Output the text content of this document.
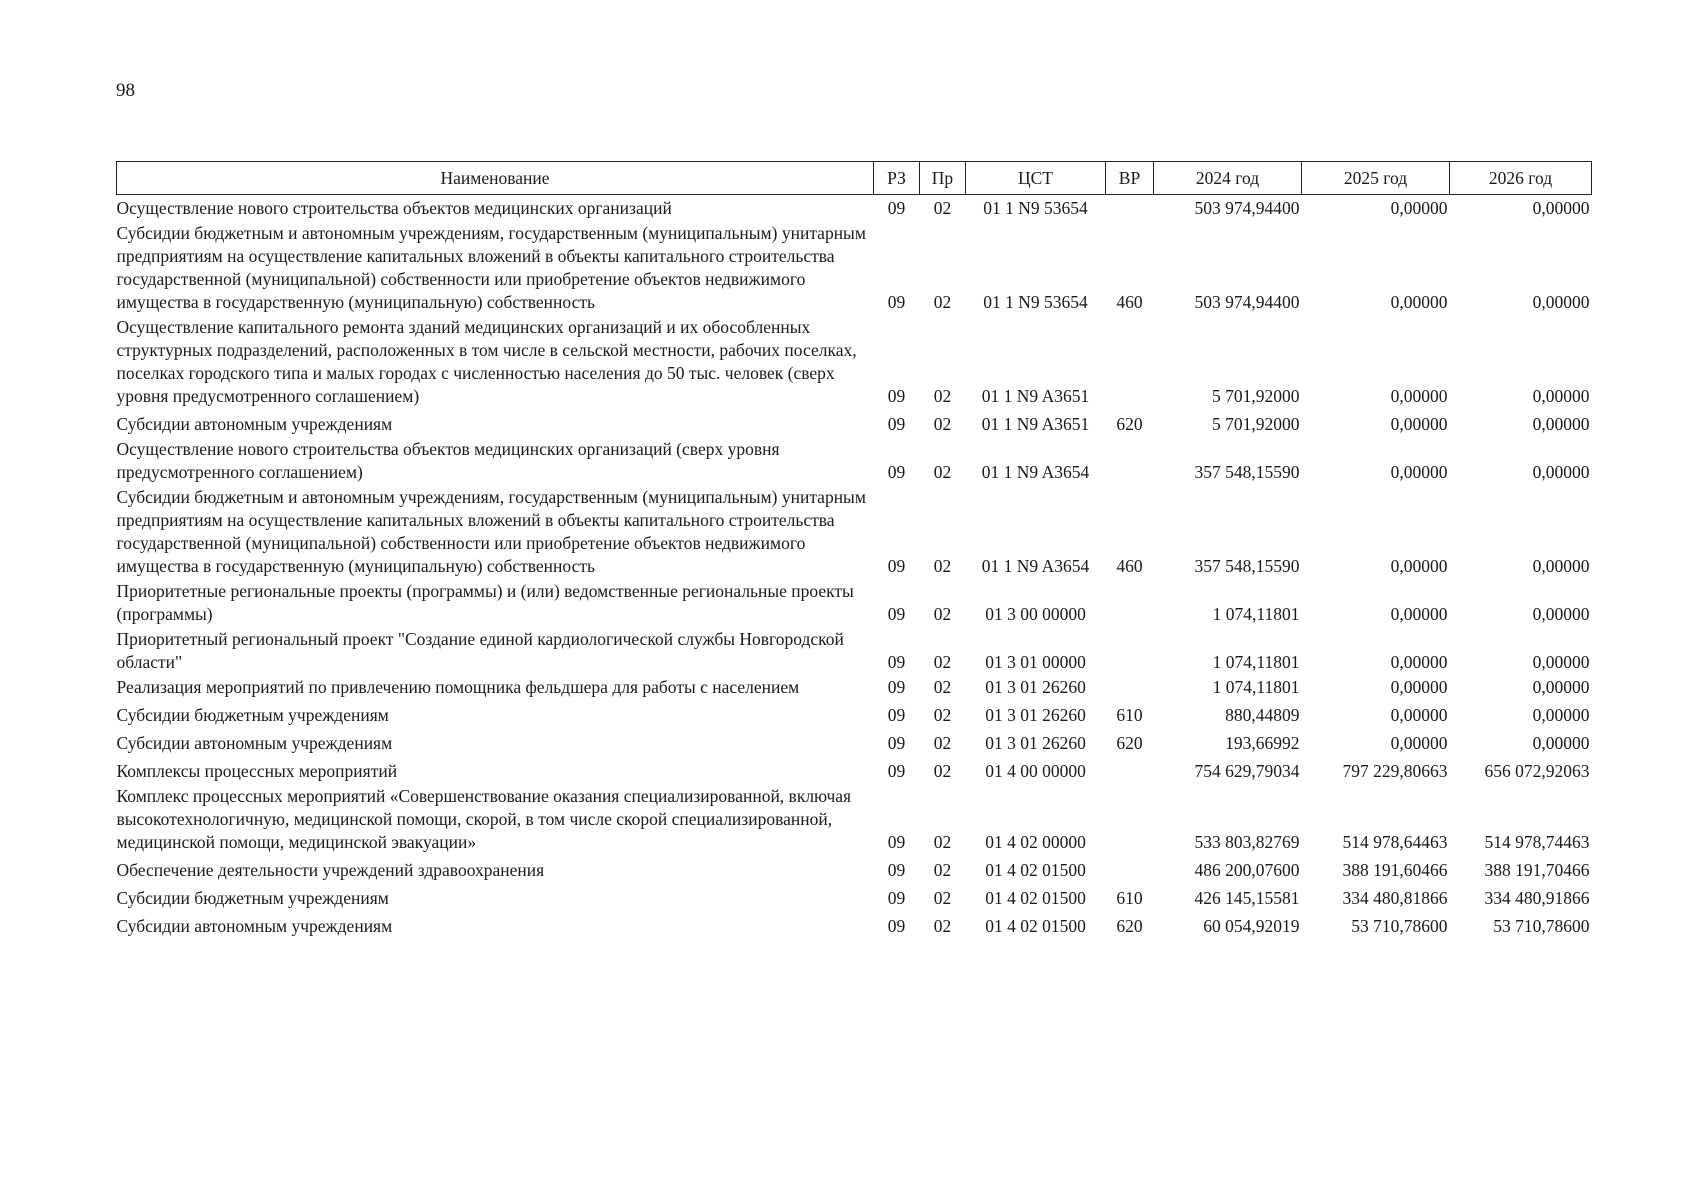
98
Наименование	РЗ	Пр	ЦСТ	ВР	2024 год	2025 год	2026 год
Осуществление нового строительства объектов медицинских организаций	09	02	01 1 N9 53654		503 974,94400	0,00000	0,00000
Субсидии бюджетным и автономным учреждениям, государственным (муниципальным) унитарным предприятиям на осуществление капитальных вложений в объекты капитального строительства государственной (муниципальной) собственности или приобретение объектов недвижимого имущества в государственную (муниципальную) собственность	09	02	01 1 N9 53654	460	503 974,94400	0,00000	0,00000
Осуществление капитального ремонта зданий медицинских организаций и их обособленных структурных подразделений, расположенных в том числе в сельской местности, рабочих поселках, поселках городского типа и малых городах с численностью населения до 50 тыс. человек (сверх уровня предусмотренного соглашением)	09	02	01 1 N9 A3651		5 701,92000	0,00000	0,00000
Субсидии автономным учреждениям	09	02	01 1 N9 A3651	620	5 701,92000	0,00000	0,00000
Осуществление нового строительства объектов медицинских организаций (сверх уровня предусмотренного соглашением)	09	02	01 1 N9 A3654		357 548,15590	0,00000	0,00000
Субсидии бюджетным и автономным учреждениям, государственным (муниципальным) унитарным предприятиям на осуществление капитальных вложений в объекты капитального строительства государственной (муниципальной) собственности или приобретение объектов недвижимого имущества в государственную (муниципальную) собственность	09	02	01 1 N9 A3654	460	357 548,15590	0,00000	0,00000
Приоритетные региональные проекты (программы) и (или) ведомственные региональные проекты (программы)	09	02	01 3 00 00000		1 074,11801	0,00000	0,00000
Приоритетный региональный проект "Создание единой кардиологической службы Новгородской области"	09	02	01 3 01 00000		1 074,11801	0,00000	0,00000
Реализация мероприятий по привлечению помощника фельдшера для работы с населением	09	02	01 3 01 26260		1 074,11801	0,00000	0,00000
Субсидии бюджетным учреждениям	09	02	01 3 01 26260	610	880,44809	0,00000	0,00000
Субсидии автономным учреждениям	09	02	01 3 01 26260	620	193,66992	0,00000	0,00000
Комплексы процессных мероприятий	09	02	01 4 00 00000		754 629,79034	797 229,80663	656 072,92063
Комплекс процессных мероприятий «Совершенствование оказания специализированной, включая высокотехнологичную, медицинской помощи, скорой, в том числе скорой специализированной, медицинской помощи, медицинской эвакуации»	09	02	01 4 02 00000		533 803,82769	514 978,64463	514 978,74463
Обеспечение деятельности учреждений здравоохранения	09	02	01 4 02 01500		486 200,07600	388 191,60466	388 191,70466
Субсидии бюджетным учреждениям	09	02	01 4 02 01500	610	426 145,15581	334 480,81866	334 480,91866
Субсидии автономным учреждениям	09	02	01 4 02 01500	620	60 054,92019	53 710,78600	53 710,78600
